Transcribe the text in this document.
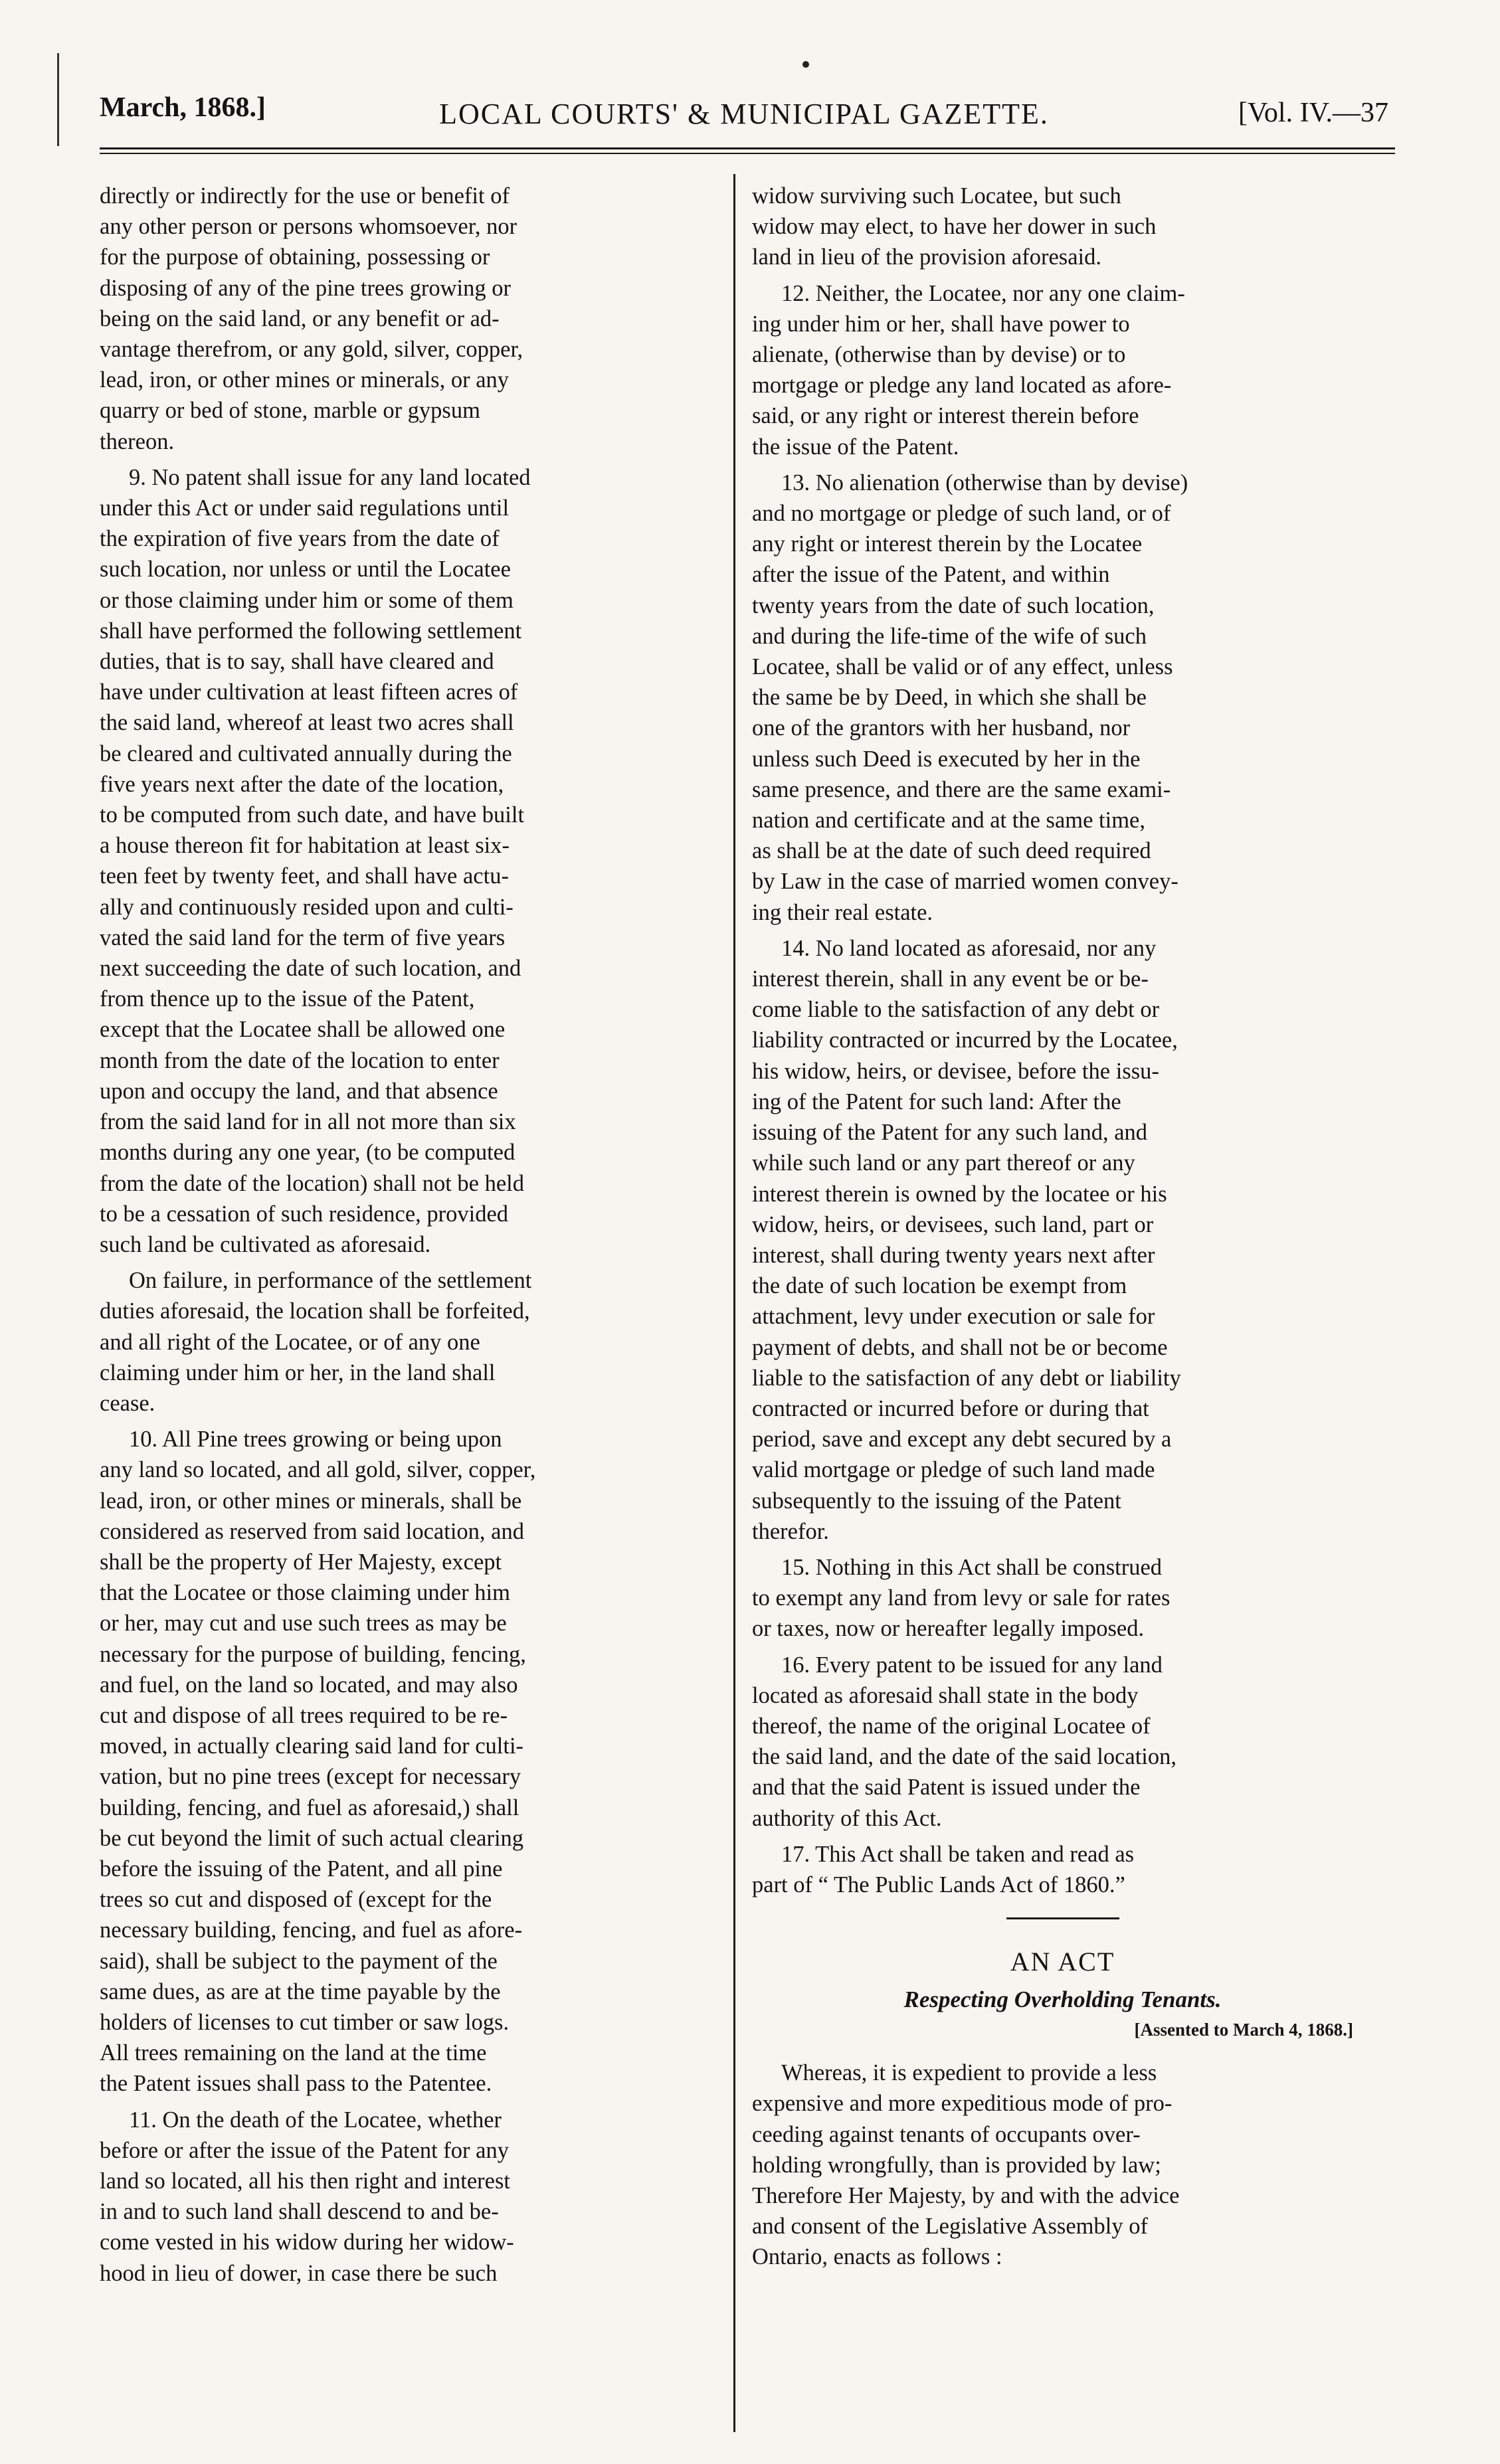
March, 1868.]	LOCAL COURTS' & MUNICIPAL GAZETTE.	[Vol. IV.—37

directly or indirectly for the use or benefit of
any other person or persons whomsoever, nor
for the purpose of obtaining, possessing or
disposing of any of the pine trees growing or
being on the said land, or any benefit or ad-
vantage therefrom, or any gold, silver, copper,
lead, iron, or other mines or minerals, or any
quarry or bed of stone, marble or gypsum
thereon.

9. No patent shall issue for any land located
under this Act or under said regulations until
the expiration of five years from the date of
such location, nor unless or until the Locatee
or those claiming under him or some of them
shall have performed the following settlement
duties, that is to say, shall have cleared and
have under cultivation at least fifteen acres of
the said land, whereof at least two acres shall
be cleared and cultivated annually during the
five years next after the date of the location,
to be computed from such date, and have built
a house thereon fit for habitation at least six-
teen feet by twenty feet, and shall have actu-
ally and continuously resided upon and culti-
vated the said land for the term of five years
next succeeding the date of such location, and
from thence up to the issue of the Patent,
except that the Locatee shall be allowed one
month from the date of the location to enter
upon and occupy the land, and that absence
from the said land for in all not more than six
months during any one year, (to be computed
from the date of the location) shall not be held
to be a cessation of such residence, provided
such land be cultivated as aforesaid.

On failure, in performance of the settlement
duties aforesaid, the location shall be forfeited,
and all right of the Locatee, or of any one
claiming under him or her, in the land shall
cease.

10. All Pine trees growing or being upon
any land so located, and all gold, silver, copper,
lead, iron, or other mines or minerals, shall be
considered as reserved from said location, and
shall be the property of Her Majesty, except
that the Locatee or those claiming under him
or her, may cut and use such trees as may be
necessary for the purpose of building, fencing,
and fuel, on the land so located, and may also
cut and dispose of all trees required to be re-
moved, in actually clearing said land for culti-
vation, but no pine trees (except for necessary
building, fencing, and fuel as aforesaid,) shall
be cut beyond the limit of such actual clearing
before the issuing of the Patent, and all pine
trees so cut and disposed of (except for the
necessary building, fencing, and fuel as afore-
said), shall be subject to the payment of the
same dues, as are at the time payable by the
holders of licenses to cut timber or saw logs.
All trees remaining on the land at the time
the Patent issues shall pass to the Patentee.

11. On the death of the Locatee, whether
before or after the issue of the Patent for any
land so located, all his then right and interest
in and to such land shall descend to and be-
come vested in his widow during her widow-
hood in lieu of dower, in case there be such

widow surviving such Locatee, but such
widow may elect, to have her dower in such
land in lieu of the provision aforesaid.

12. Neither, the Locatee, nor any one claim-
ing under him or her, shall have power to
alienate, (otherwise than by devise) or to
mortgage or pledge any land located as afore-
said, or any right or interest therein before
the issue of the Patent.

13. No alienation (otherwise than by devise)
and no mortgage or pledge of such land, or of
any right or interest therein by the Locatee
after the issue of the Patent, and within
twenty years from the date of such location,
and during the life-time of the wife of such
Locatee, shall be valid or of any effect, unless
the same be by Deed, in which she shall be
one of the grantors with her husband, nor
unless such Deed is executed by her in the
same presence, and there are the same exami-
nation and certificate and at the same time,
as shall be at the date of such deed required
by Law in the case of married women convey-
ing their real estate.

14. No land located as aforesaid, nor any
interest therein, shall in any event be or be-
come liable to the satisfaction of any debt or
liability contracted or incurred by the Locatee,
his widow, heirs, or devisee, before the issu-
ing of the Patent for such land: After the
issuing of the Patent for any such land, and
while such land or any part thereof or any
interest therein is owned by the locatee or his
widow, heirs, or devisees, such land, part or
interest, shall during twenty years next after
the date of such location be exempt from
attachment, levy under execution or sale for
payment of debts, and shall not be or become
liable to the satisfaction of any debt or liability
contracted or incurred before or during that
period, save and except any debt secured by a
valid mortgage or pledge of such land made
subsequently to the issuing of the Patent
therefor.

15. Nothing in this Act shall be construed
to exempt any land from levy or sale for rates
or taxes, now or hereafter legally imposed.

16. Every patent to be issued for any land
located as aforesaid shall state in the body
thereof, the name of the original Locatee of
the said land, and the date of the said location,
and that the said Patent is issued under the
authority of this Act.

17. This Act shall be taken and read as
part of “ The Public Lands Act of 1860.”

AN ACT
Respecting Overholding Tenants.
[Assented to March 4, 1868.]

Whereas, it is expedient to provide a less
expensive and more expeditious mode of pro-
ceeding against tenants of occupants over-
holding wrongfully, than is provided by law;
Therefore Her Majesty, by and with the advice
and consent of the Legislative Assembly of
Ontario, enacts as follows :
